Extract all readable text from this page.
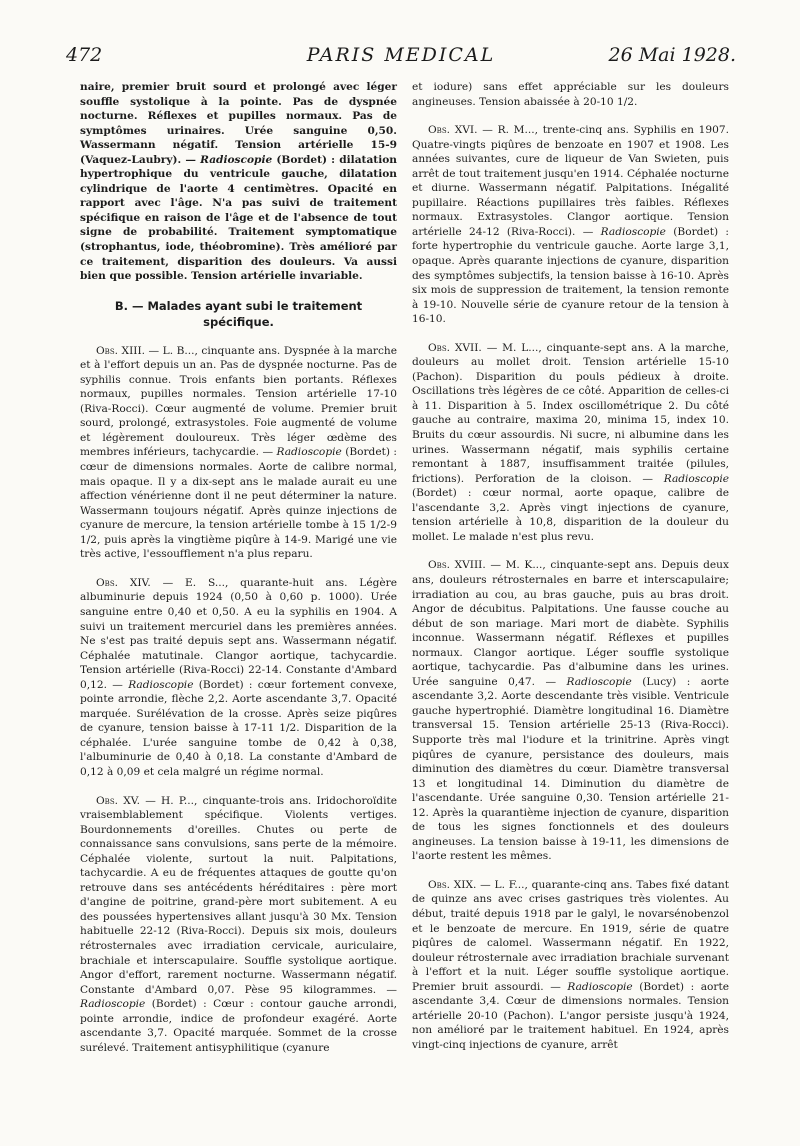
472	PARIS MEDICAL	26 Mai 1928.

naire, premier bruit sourd et prolongé avec léger souffle systolique à la pointe. Pas de dyspnée nocturne. Réflexes et pupilles normaux. Pas de symptômes urinaires. Urée sanguine 0,50. Wassermann négatif. Tension artérielle 15-9 (Vaquez-Laubry). — Radioscopie (Bordet) : dilatation hypertrophique du ventricule gauche, dilatation cylindrique de l'aorte 4 centimètres. Opacité en rapport avec l'âge. N'a pas suivi de traitement spécifique en raison de l'âge et de l'absence de tout signe de probabilité. Traitement symptomatique (strophantus, iode, théobromine). Très amélioré par ce traitement, disparition des douleurs. Va aussi bien que possible. Tension artérielle invariable.

B. — Malades ayant subi le traitement spécifique.

Obs. XIII. — L. B..., cinquante ans. Dyspnée à la marche et à l'effort depuis un an. Pas de dyspnée nocturne. Pas de syphilis connue. Trois enfants bien portants. Réflexes normaux, pupilles normales. Tension artérielle 17-10 (Riva-Rocci). Cœur augmenté de volume. Premier bruit sourd, prolongé, extrasystoles. Foie augmenté de volume et légèrement douloureux. Très léger œdème des membres inférieurs, tachycardie. — Radioscopie (Bordet) : cœur de dimensions normales. Aorte de calibre normal, mais opaque. Il y a dix-sept ans le malade aurait eu une affection vénérienne dont il ne peut déterminer la nature. Wassermann toujours négatif. Après quinze injections de cyanure de mercure, la tension artérielle tombe à 15 1/2-9 1/2, puis après la vingtième piqûre à 14-9. Marigé une vie très active, l'essoufflement n'a plus reparu.

Obs. XIV. — E. S..., quarante-huit ans. Légère albuminurie depuis 1924 (0,50 à 0,60 p. 1000). Urée sanguine entre 0,40 et 0,50. A eu la syphilis en 1904. A suivi un traitement mercuriel dans les premières années. Ne s'est pas traité depuis sept ans. Wassermann négatif. Céphalée matutinale. Clangor aortique, tachycardie. Tension artérielle (Riva-Rocci) 22-14. Constante d'Ambard 0,12. — Radioscopie (Bordet) : cœur fortement convexe, pointe arrondie, flèche 2,2. Aorte ascendante 3,7. Opacité marquée. Surélévation de la crosse. Après seize piqûres de cyanure, tension baisse à 17-11 1/2. Disparition de la céphalée. L'urée sanguine tombe de 0,42 à 0,38, l'albuminurie de 0,40 à 0,18. La constante d'Ambard de 0,12 à 0,09 et cela malgré un régime normal.

Obs. XV. — H. P..., cinquante-trois ans. Iridochoroïdite vraisemblablement spécifique. Violents vertiges. Bourdonnements d'oreilles. Chutes ou perte de connaissance sans convulsions, sans perte de la mémoire. Céphalée violente, surtout la nuit. Palpitations, tachycardie. A eu de fréquentes attaques de goutte qu'on retrouve dans ses antécédents héréditaires : père mort d'angine de poitrine, grand-père mort subitement. A eu des poussées hypertensives allant jusqu'à 30 Mx. Tension habituelle 22-12 (Riva-Rocci). Depuis six mois, douleurs rétrosternales avec irradiation cervicale, auriculaire, brachiale et interscapulaire. Souffle systolique aortique. Angor d'effort, rarement nocturne. Wassermann négatif. Constante d'Ambard 0,07. Pèse 95 kilogrammes. — Radioscopie (Bordet) : Cœur : contour gauche arrondi, pointe arrondie, indice de profondeur exagéré. Aorte ascendante 3,7. Opacité marquée. Sommet de la crosse surélevé. Traitement antisyphilitique (cyanure

et iodure) sans effet appréciable sur les douleurs angineuses. Tension abaissée à 20-10 1/2.

Obs. XVI. — R. M..., trente-cinq ans. Syphilis en 1907. Quatre-vingts piqûres de benzoate en 1907 et 1908. Les années suivantes, cure de liqueur de Van Swieten, puis arrêt de tout traitement jusqu'en 1914. Céphalée nocturne et diurne. Wassermann négatif. Palpitations. Inégalité pupillaire. Réactions pupillaires très faibles. Réflexes normaux. Extrasystoles. Clangor aortique. Tension artérielle 24-12 (Riva-Rocci). — Radioscopie (Bordet) : forte hypertrophie du ventricule gauche. Aorte large 3,1, opaque. Après quarante injections de cyanure, disparition des symptômes subjectifs, la tension baisse à 16-10. Après six mois de suppression de traitement, la tension remonte à 19-10. Nouvelle série de cyanure retour de la tension à 16-10.

Obs. XVII. — M. L..., cinquante-sept ans. A la marche, douleurs au mollet droit. Tension artérielle 15-10 (Pachon). Disparition du pouls pédieux à droite. Oscillations très légères de ce côté. Apparition de celles-ci à 11. Disparition à 5. Index oscillométrique 2. Du côté gauche au contraire, maxima 20, minima 15, index 10. Bruits du cœur assourdis. Ni sucre, ni albumine dans les urines. Wassermann négatif, mais syphilis certaine remontant à 1887, insuffisamment traitée (pilules, frictions). Perforation de la cloison. — Radioscopie (Bordet) : cœur normal, aorte opaque, calibre de l'ascendante 3,2. Après vingt injections de cyanure, tension artérielle à 10,8, disparition de la douleur du mollet. Le malade n'est plus revu.

Obs. XVIII. — M. K..., cinquante-sept ans. Depuis deux ans, douleurs rétrosternales en barre et interscapulaire; irradiation au cou, au bras gauche, puis au bras droit. Angor de décubitus. Palpitations. Une fausse couche au début de son mariage. Mari mort de diabète. Syphilis inconnue. Wassermann négatif. Réflexes et pupilles normaux. Clangor aortique. Léger souffle systolique aortique, tachycardie. Pas d'albumine dans les urines. Urée sanguine 0,47. — Radioscopie (Lucy) : aorte ascendante 3,2. Aorte descendante très visible. Ventricule gauche hypertrophié. Diamètre longitudinal 16. Diamètre transversal 15. Tension artérielle 25-13 (Riva-Rocci). Supporte très mal l'iodure et la trinitrine. Après vingt piqûres de cyanure, persistance des douleurs, mais diminution des diamètres du cœur. Diamètre transversal 13 et longitudinal 14. Diminution du diamètre de l'ascendante. Urée sanguine 0,30. Tension artérielle 21-12. Après la quarantième injection de cyanure, disparition de tous les signes fonctionnels et des douleurs angineuses. La tension baisse à 19-11, les dimensions de l'aorte restent les mêmes.

Obs. XIX. — L. F..., quarante-cinq ans. Tabes fixé datant de quinze ans avec crises gastriques très violentes. Au début, traité depuis 1918 par le galyl, le novarsénobenzol et le benzoate de mercure. En 1919, série de quatre piqûres de calomel. Wassermann négatif. En 1922, douleur rétrosternale avec irradiation brachiale survenant à l'effort et la nuit. Léger souffle systolique aortique. Premier bruit assourdi. — Radioscopie (Bordet) : aorte ascendante 3,4. Cœur de dimensions normales. Tension artérielle 20-10 (Pachon). L'angor persiste jusqu'à 1924, non amélioré par le traitement habituel. En 1924, après vingt-cinq injections de cyanure, arrêt
